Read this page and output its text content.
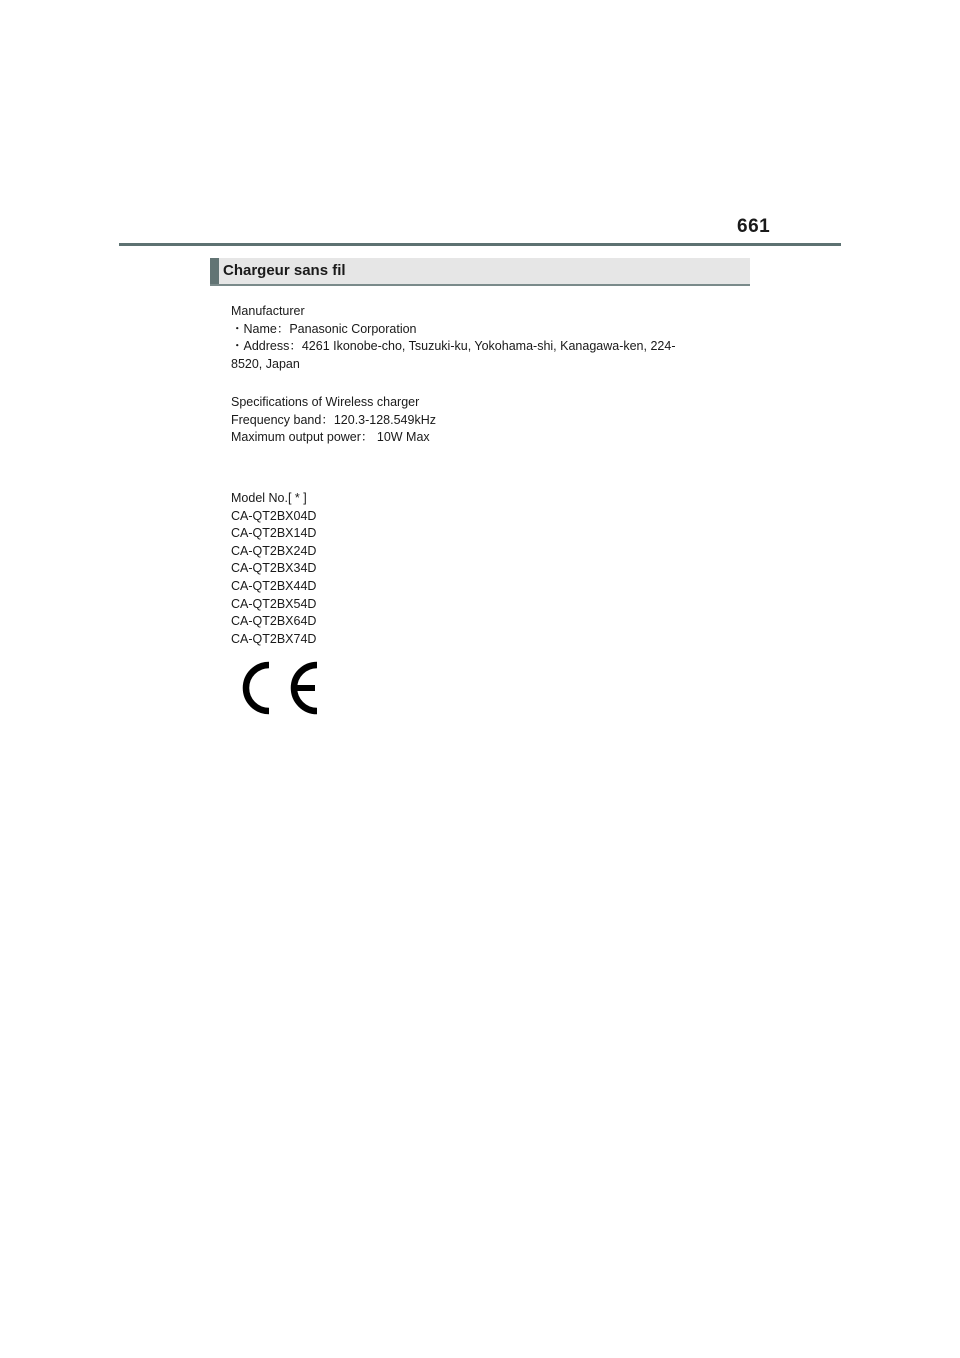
661
Chargeur sans fil

Manufacturer

・Name：Panasonic Corporation

・Address：4261 Ikonobe-cho, Tsuzuki-ku, Yokohama-shi, Kanagawa-ken, 224-

8520, Japan

Specifications of Wireless charger

Frequency band：120.3-128.549kHz

Maximum output power： 10W Max

Model No.[ * ]

CA-QT2BX04D

CA-QT2BX14D

CA-QT2BX24D

CA-QT2BX34D

CA-QT2BX44D

CA-QT2BX54D

CA-QT2BX64D

CA-QT2BX74D
